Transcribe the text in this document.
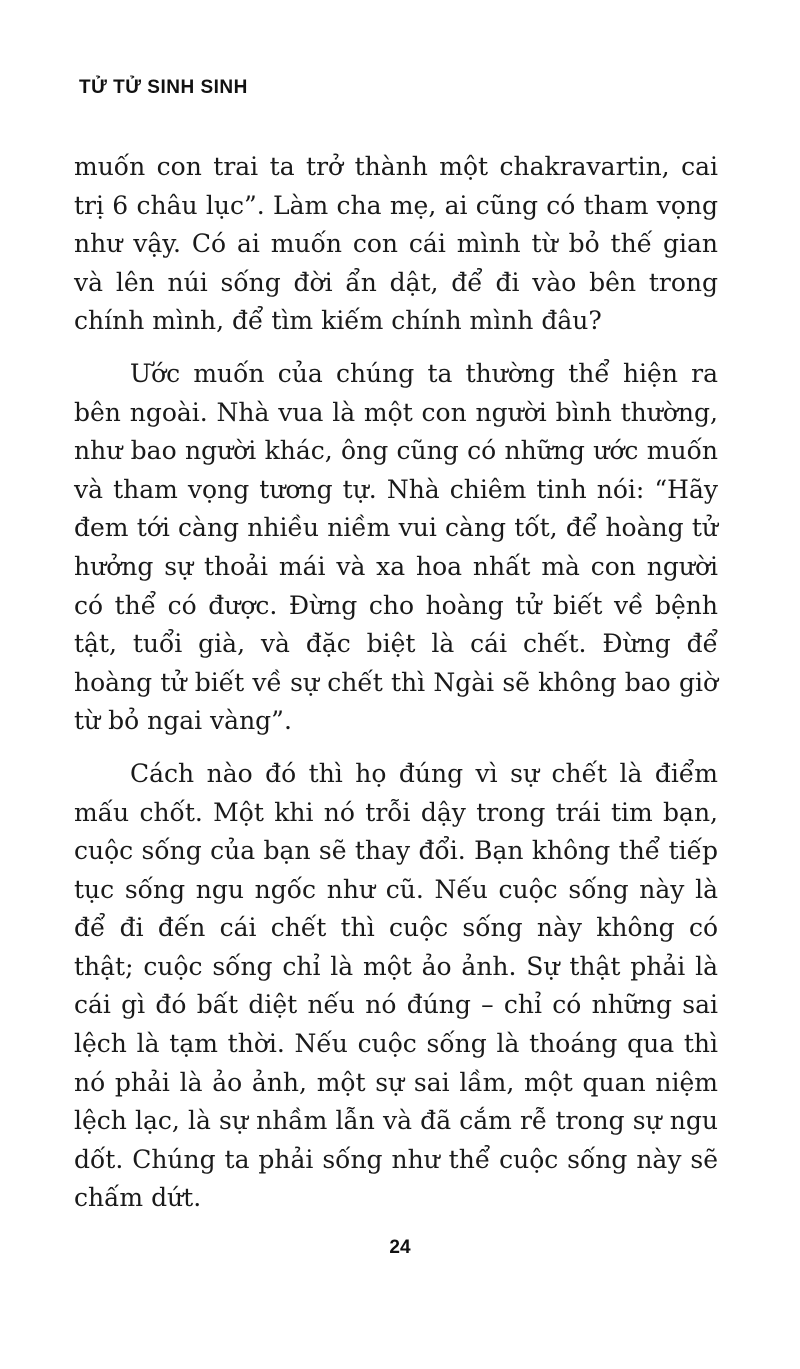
TỬ TỬ SINH SINH

muốn con trai ta trở thành một chakravartin, cai trị 6 châu lục”. Làm cha mẹ, ai cũng có tham vọng như vậy. Có ai muốn con cái mình từ bỏ thế gian và lên núi sống đời ẩn dật, để đi vào bên trong chính mình, để tìm kiếm chính mình đâu?

Ước muốn của chúng ta thường thể hiện ra bên ngoài. Nhà vua là một con người bình thường, như bao người khác, ông cũng có những ước muốn và tham vọng tương tự. Nhà chiêm tinh nói: “Hãy đem tới càng nhiều niềm vui càng tốt, để hoàng tử hưởng sự thoải mái và xa hoa nhất mà con người có thể có được. Đừng cho hoàng tử biết về bệnh tật, tuổi già, và đặc biệt là cái chết. Đừng để hoàng tử biết về sự chết thì Ngài sẽ không bao giờ từ bỏ ngai vàng”.

Cách nào đó thì họ đúng vì sự chết là điểm mấu chốt. Một khi nó trỗi dậy trong trái tim bạn, cuộc sống của bạn sẽ thay đổi. Bạn không thể tiếp tục sống ngu ngốc như cũ. Nếu cuộc sống này là để đi đến cái chết thì cuộc sống này không có thật; cuộc sống chỉ là một ảo ảnh. Sự thật phải là cái gì đó bất diệt nếu nó đúng – chỉ có những sai lệch là tạm thời. Nếu cuộc sống là thoáng qua thì nó phải là ảo ảnh, một sự sai lầm, một quan niệm lệch lạc, là sự nhầm lẫn và đã cắm rễ trong sự ngu dốt. Chúng ta phải sống như thể cuộc sống này sẽ chấm dứt.

24
